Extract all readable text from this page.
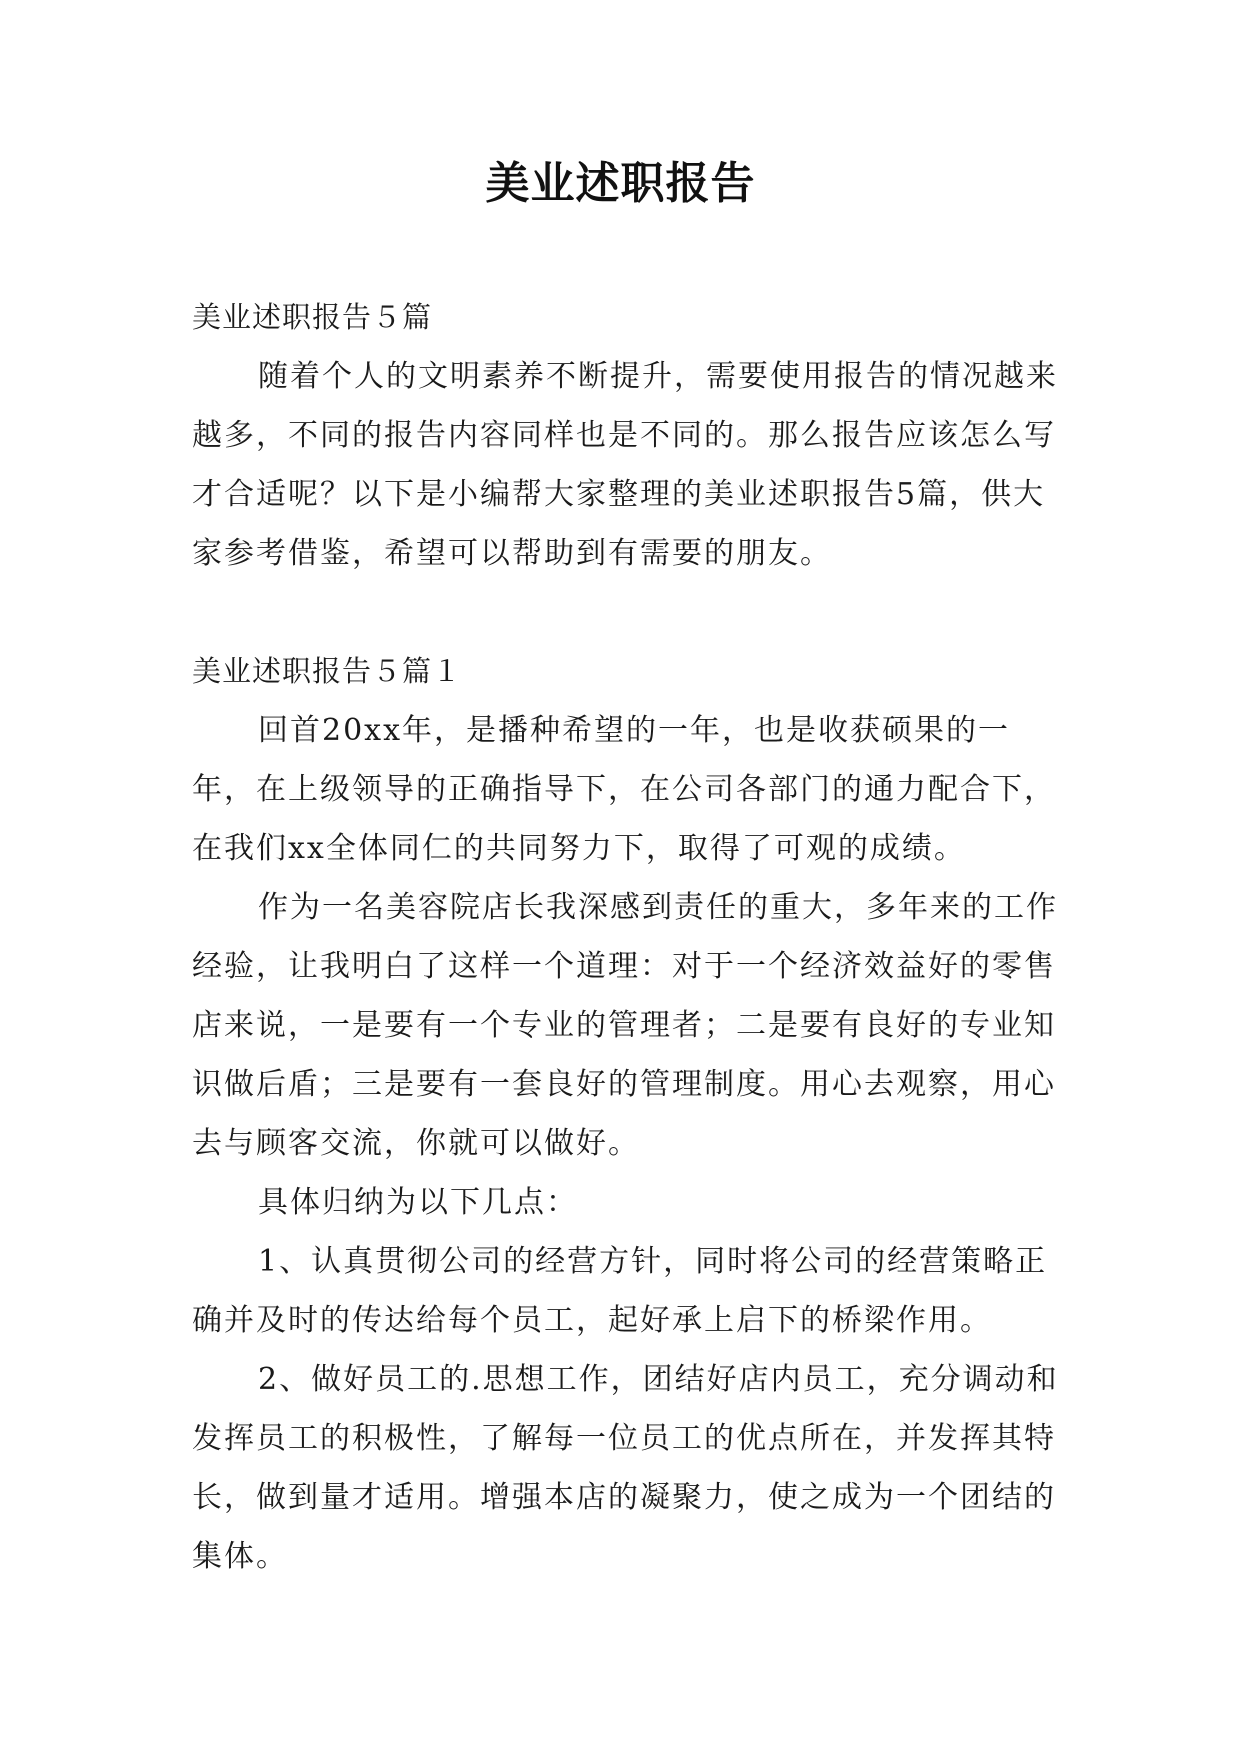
美业述职报告

美业述职报告５篇

随着个人的文明素养不断提升，需要使用报告的情况越来越多，不同的报告内容同样也是不同的。那么报告应该怎么写才合适呢？以下是小编帮大家整理的美业述职报告5篇，供大家参考借鉴，希望可以帮助到有需要的朋友。

美业述职报告５篇１

回首20xx年，是播种希望的一年，也是收获硕果的一年，在上级领导的正确指导下，在公司各部门的通力配合下，在我们xx全体同仁的共同努力下，取得了可观的成绩。

作为一名美容院店长我深感到责任的重大，多年来的工作经验，让我明白了这样一个道理：对于一个经济效益好的零售店来说，一是要有一个专业的管理者；二是要有良好的专业知识做后盾；三是要有一套良好的管理制度。用心去观察，用心去与顾客交流，你就可以做好。

具体归纳为以下几点：

1、认真贯彻公司的经营方针，同时将公司的经营策略正确并及时的传达给每个员工，起好承上启下的桥梁作用。

2、做好员工的.思想工作，团结好店内员工，充分调动和发挥员工的积极性，了解每一位员工的优点所在，并发挥其特长，做到量才适用。增强本店的凝聚力，使之成为一个团结的集体。
